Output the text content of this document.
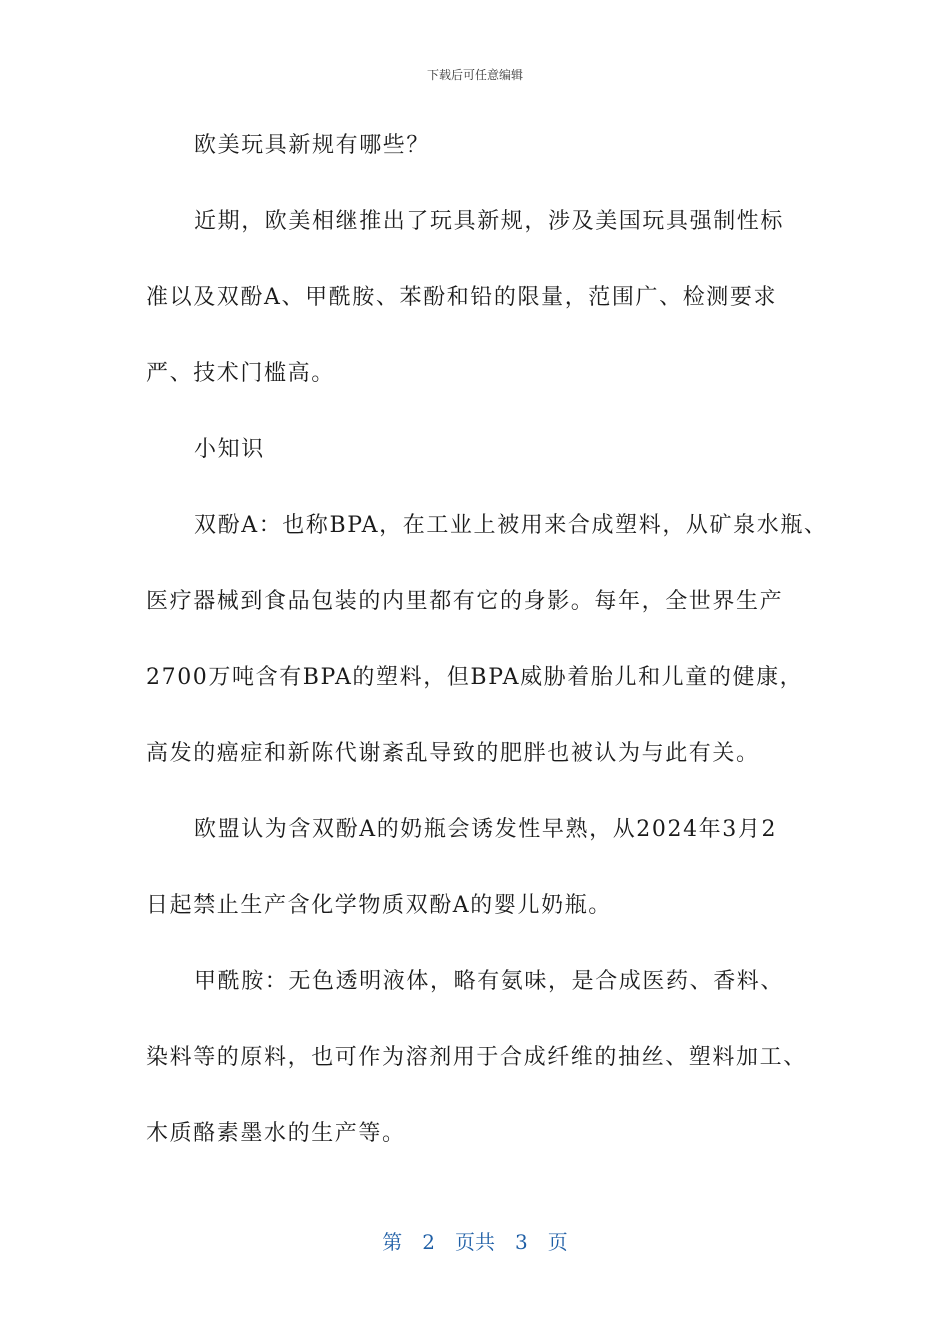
下载后可任意编辑
欧美玩具新规有哪些？
近期，欧美相继推出了玩具新规，涉及美国玩具强制性标
准以及双酚A、甲酰胺、苯酚和铅的限量，范围广、检测要求
严、技术门槛高。
小知识
双酚A：也称BPA，在工业上被用来合成塑料，从矿泉水瓶、
医疗器械到食品包装的内里都有它的身影。每年，全世界生产
2700万吨含有BPA的塑料，但BPA威胁着胎儿和儿童的健康，
高发的癌症和新陈代谢紊乱导致的肥胖也被认为与此有关。
欧盟认为含双酚A的奶瓶会诱发性早熟，从2024年3月2
日起禁止生产含化学物质双酚A的婴儿奶瓶。
甲酰胺：无色透明液体，略有氨味，是合成医药、香料、
染料等的原料，也可作为溶剂用于合成纤维的抽丝、塑料加工、
木质酪素墨水的生产等。
第 2 页共 3 页
